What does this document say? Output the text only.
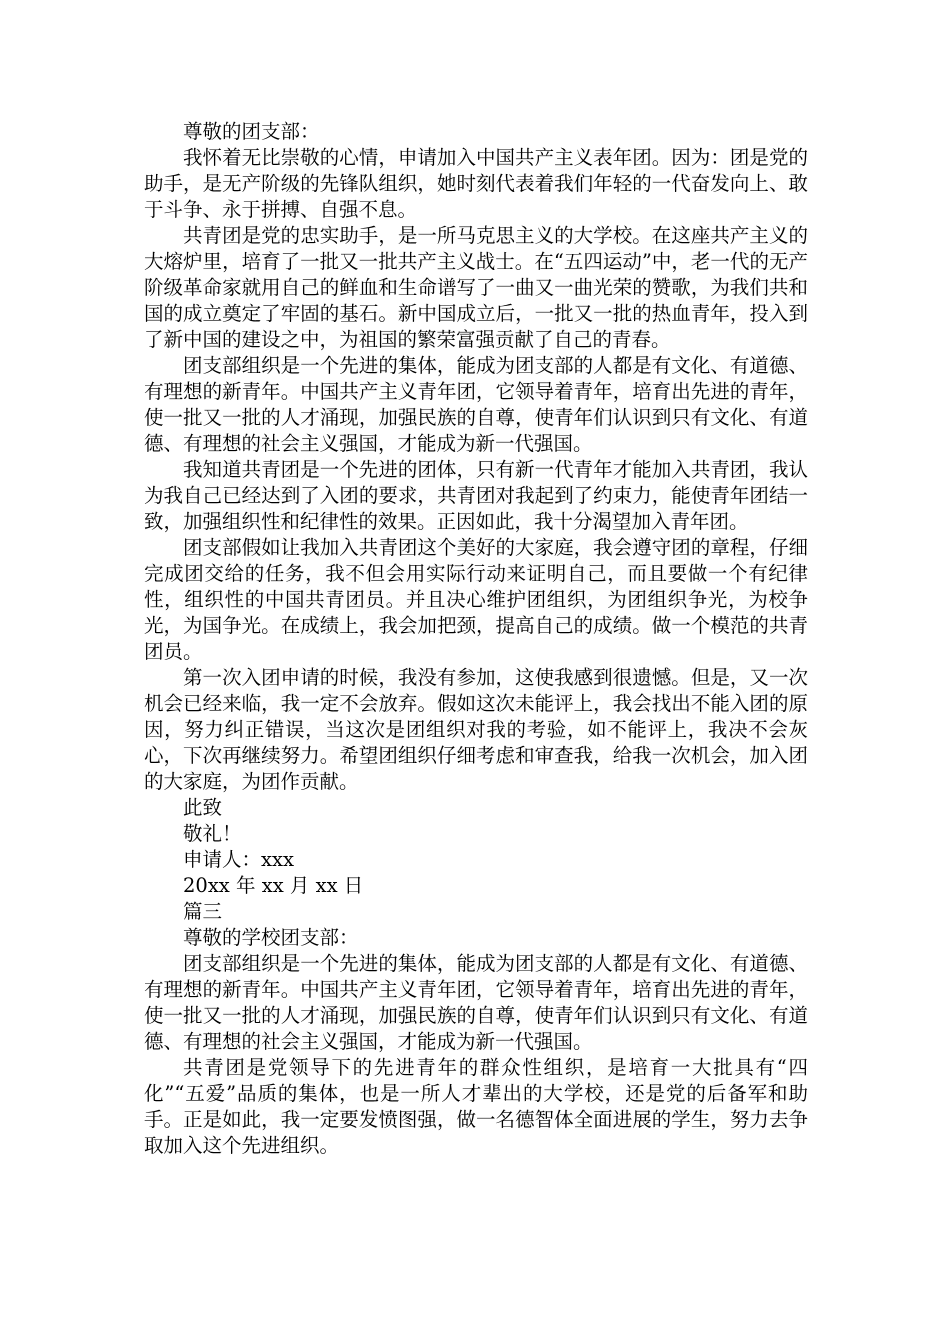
尊敬的团支部：

我怀着无比崇敬的心情，申请加入中国共产主义表年团。因为：团是党的助手，是无产阶级的先锋队组织，她时刻代表着我们年轻的一代奋发向上、敢于斗争、永于拼搏、自强不息。

共青团是党的忠实助手，是一所马克思主义的大学校。在这座共产主义的大熔炉里，培育了一批又一批共产主义战士。在“五四运动”中，老一代的无产阶级革命家就用自己的鲜血和生命谱写了一曲又一曲光荣的赞歌，为我们共和国的成立奠定了牢固的基石。新中国成立后，一批又一批的热血青年，投入到了新中国的建设之中，为祖国的繁荣富强贡献了自己的青春。

团支部组织是一个先进的集体，能成为团支部的人都是有文化、有道德、有理想的新青年。中国共产主义青年团，它领导着青年，培育出先进的青年，使一批又一批的人才涌现，加强民族的自尊，使青年们认识到只有文化、有道德、有理想的社会主义强国，才能成为新一代强国。

我知道共青团是一个先进的团体，只有新一代青年才能加入共青团，我认为我自己已经达到了入团的要求，共青团对我起到了约束力，能使青年团结一致，加强组织性和纪律性的效果。正因如此，我十分渴望加入青年团。

团支部假如让我加入共青团这个美好的大家庭，我会遵守团的章程，仔细完成团交给的任务，我不但会用实际行动来证明自己，而且要做一个有纪律性，组织性的中国共青团员。并且决心维护团组织，为团组织争光，为校争光，为国争光。在成绩上，我会加把颈，提高自己的成绩。做一个模范的共青团员。

第一次入团申请的时候，我没有参加，这使我感到很遗憾。但是，又一次机会已经来临，我一定不会放弃。假如这次未能评上，我会找出不能入团的原因，努力纠正错误，当这次是团组织对我的考验，如不能评上，我决不会灰心，下次再继续努力。希望团组织仔细考虑和审查我，给我一次机会，加入团的大家庭，为团作贡献。

此致

敬礼！

申请人：xxx

20xx 年 xx 月 xx 日

篇三

尊敬的学校团支部：

团支部组织是一个先进的集体，能成为团支部的人都是有文化、有道德、有理想的新青年。中国共产主义青年团，它领导着青年，培育出先进的青年，使一批又一批的人才涌现，加强民族的自尊，使青年们认识到只有文化、有道德、有理想的社会主义强国，才能成为新一代强国。

共青团是党领导下的先进青年的群众性组织，是培育一大批具有“四化”“五爱”品质的集体，也是一所人才辈出的大学校，还是党的后备军和助手。正是如此，我一定要发愤图强，做一名德智体全面进展的学生，努力去争取加入这个先进组织。
